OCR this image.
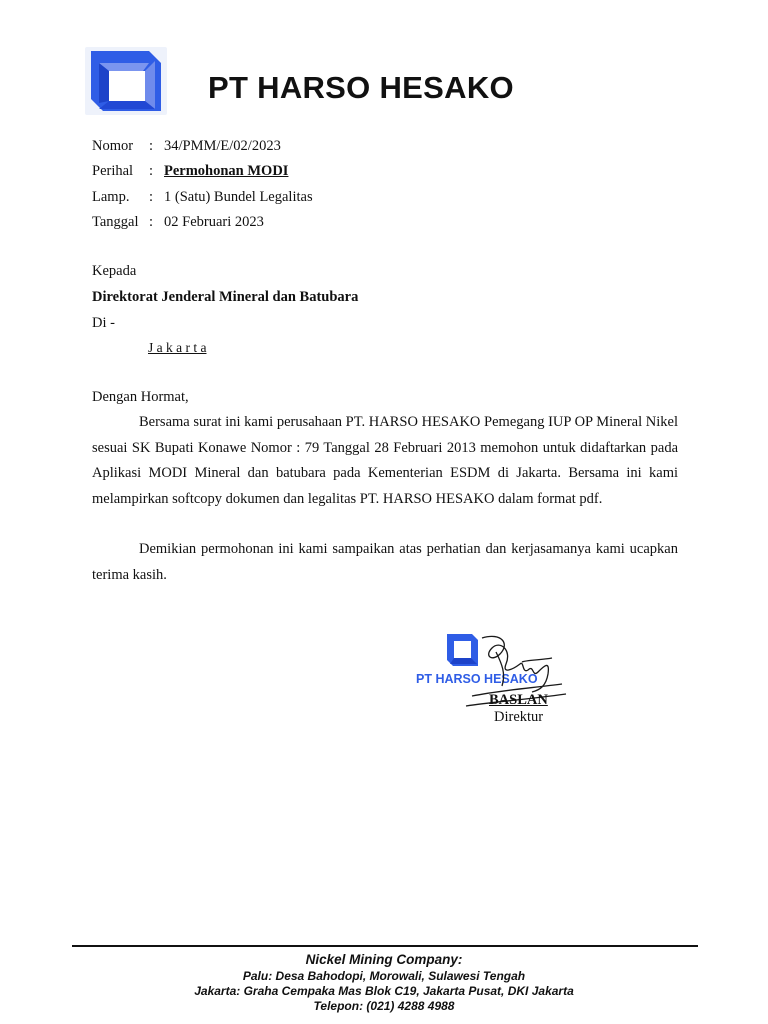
PT HARSO HESAKO
Nomor : 34/PMM/E/02/2023
Perihal : Permohonan MODI
Lamp. : 1 (Satu) Bundel Legalitas
Tanggal : 02 Februari 2023
Kepada
Direktorat Jenderal Mineral dan Batubara
Di -
J a k a r t a
Dengan Hormat,
Bersama surat ini kami perusahaan PT. HARSO HESAKO Pemegang IUP OP Mineral Nikel sesuai SK Bupati Konawe Nomor : 79 Tanggal 28 Februari 2013 memohon untuk didaftarkan pada Aplikasi MODI Mineral dan batubara pada Kementerian ESDM di Jakarta. Bersama ini kami melampirkan softcopy dokumen dan legalitas PT. HARSO HESAKO dalam format pdf.
Demikian permohonan ini kami sampaikan atas perhatian dan kerjasamanya kami ucapkan terima kasih.
PT HARSO HESAKO
BASLAN
Direktur
Nickel Mining Company:
Palu: Desa Bahodopi, Morowali, Sulawesi Tengah
Jakarta: Graha Cempaka Mas Blok C19, Jakarta Pusat, DKI Jakarta
Telepon: (021) 4288 4988
